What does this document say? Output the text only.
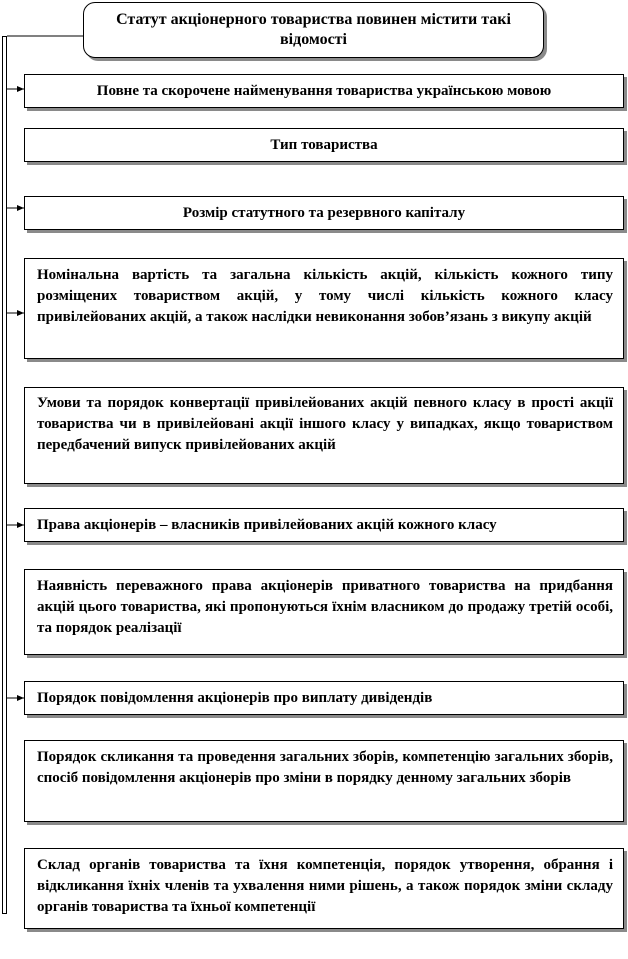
Статут акціонерного товариства повинен містити такі відомості
Повне та скорочене найменування товариства українською мовою
Тип товариства
Розмір статутного та резервного капіталу
Номінальна вартість та загальна кількість акцій, кількість кожного типу розміщених товариством акцій, у тому числі кількість кожного класу привілейованих акцій, а також наслідки невиконання зобов’язань з викупу акцій
Умови та порядок конвертації привілейованих акцій певного класу в прості акції товариства чи в привілейовані акції іншого класу у випадках, якщо товариством передбачений випуск привілейованих акцій
Права акціонерів – власників привілейованих акцій кожного класу
Наявність переважного права акціонерів приватного товариства на придбання акцій цього товариства, які пропонуються їхнім власником до продажу третій особі, та порядок реалізації
Порядок повідомлення акціонерів про виплату дивідендів
Порядок скликання та проведення загальних зборів, компетенцію загальних зборів, спосіб повідомлення акціонерів про зміни в порядку денному загальних зборів
Склад органів товариства та їхня компетенція, порядок утворення, обрання і відкликання їхніх членів та ухвалення ними рішень, а також порядок зміни складу органів товариства та їхньої компетенції
